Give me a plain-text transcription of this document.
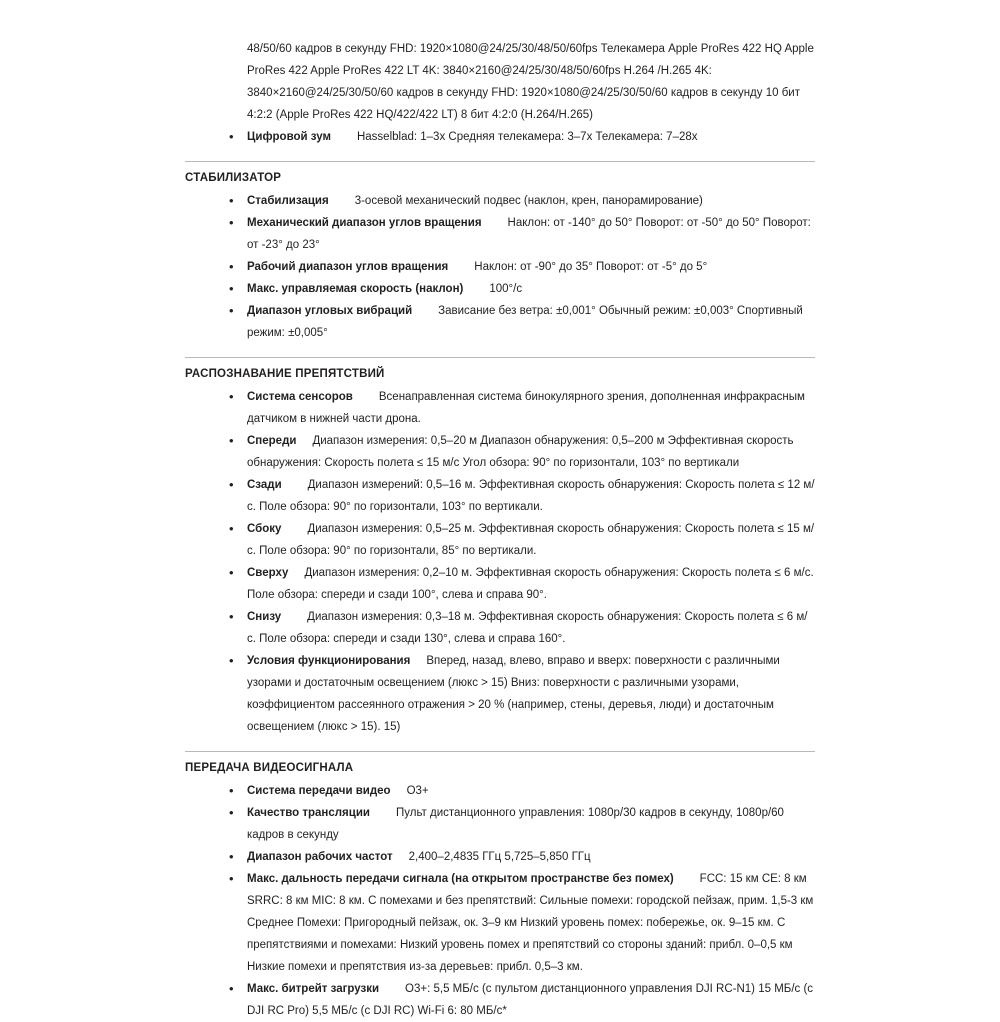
48/50/60 кадров в секунду FHD: 1920×1080@24/25/30/48/50/60fps Телекамера Apple ProRes 422 HQ Apple ProRes 422 Apple ProRes 422 LT 4K: 3840×2160@24/25/30/48/50/60fps H.264 /H.265 4K: 3840×2160@24/25/30/50/60 кадров в секунду FHD: 1920×1080@24/25/30/50/60 кадров в секунду 10 бит 4:2:2 (Apple ProRes 422 HQ/422/422 LT) 8 бит 4:2:0 (H.264/H.265)

• Цифровой зум Hasselblad: 1–3x Средняя телекамера: 3–7x Телекамера: 7–28x
СТАБИЛИЗАТОР
• Стабилизация 3-осевой механический подвес (наклон, крен, панорамирование)
• Механический диапазон углов вращения Наклон: от -140° до 50° Поворот: от -50° до 50° Поворот: от -23° до 23°
• Рабочий диапазон углов вращения Наклон: от -90° до 35° Поворот: от -5° до 5°
• Макс. управляемая скорость (наклон) 100°/с
• Диапазон угловых вибраций Зависание без ветра: ±0,001° Обычный режим: ±0,003° Спортивный режим: ±0,005°
РАСПОЗНАВАНИЕ ПРЕПЯТСТВИЙ
• Система сенсоров Всенаправленная система бинокулярного зрения, дополненная инфракрасным датчиком в нижней части дрона.
• Спереди Диапазон измерения: 0,5–20 м Диапазон обнаружения: 0,5–200 м Эффективная скорость обнаружения: Скорость полета ≤ 15 м/с Угол обзора: 90° по горизонтали, 103° по вертикали
• Сзади Диапазон измерений: 0,5–16 м. Эффективная скорость обнаружения: Скорость полета ≤ 12 м/с. Поле обзора: 90° по горизонтали, 103° по вертикали.
• Сбоку Диапазон измерения: 0,5–25 м. Эффективная скорость обнаружения: Скорость полета ≤ 15 м/с. Поле обзора: 90° по горизонтали, 85° по вертикали.
• Сверху Диапазон измерения: 0,2–10 м. Эффективная скорость обнаружения: Скорость полета ≤ 6 м/с. Поле обзора: спереди и сзади 100°, слева и справа 90°.
• Снизу Диапазон измерения: 0,3–18 м. Эффективная скорость обнаружения: Скорость полета ≤ 6 м/с. Поле обзора: спереди и сзади 130°, слева и справа 160°.
• Условия функционирования Вперед, назад, влево, вправо и вверх: поверхности с различными узорами и достаточным освещением (люкс > 15) Вниз: поверхности с различными узорами, коэффициентом рассеянного отражения > 20 % (например, стены, деревья, люди) и достаточным освещением (люкс > 15). 15)
ПЕРЕДАЧА ВИДЕОСИГНАЛА
• Система передачи видео O3+
• Качество трансляции Пульт дистанционного управления: 1080p/30 кадров в секунду, 1080p/60 кадров в секунду
• Диапазон рабочих частот 2,400–2,4835 ГГц 5,725–5,850 ГГц
• Макс. дальность передачи сигнала (на открытом пространстве без помех) FCC: 15 км CE: 8 км SRRC: 8 км MIC: 8 км. С помехами и без препятствий: Сильные помехи: городской пейзаж, прим. 1,5-3 км Среднее Помехи: Пригородный пейзаж, ок. 3–9 км Низкий уровень помех: побережье, ок. 9–15 км. С препятствиями и помехами: Низкий уровень помех и препятствий со стороны зданий: прибл. 0–0,5 км Низкие помехи и препятствия из-за деревьев: прибл. 0,5–3 км.
• Макс. битрейт загрузки O3+: 5,5 МБ/с (с пультом дистанционного управления DJI RC-N1) 15 МБ/с (с DJI RC Pro) 5,5 МБ/с (с DJI RC) Wi-Fi 6: 80 МБ/с*
